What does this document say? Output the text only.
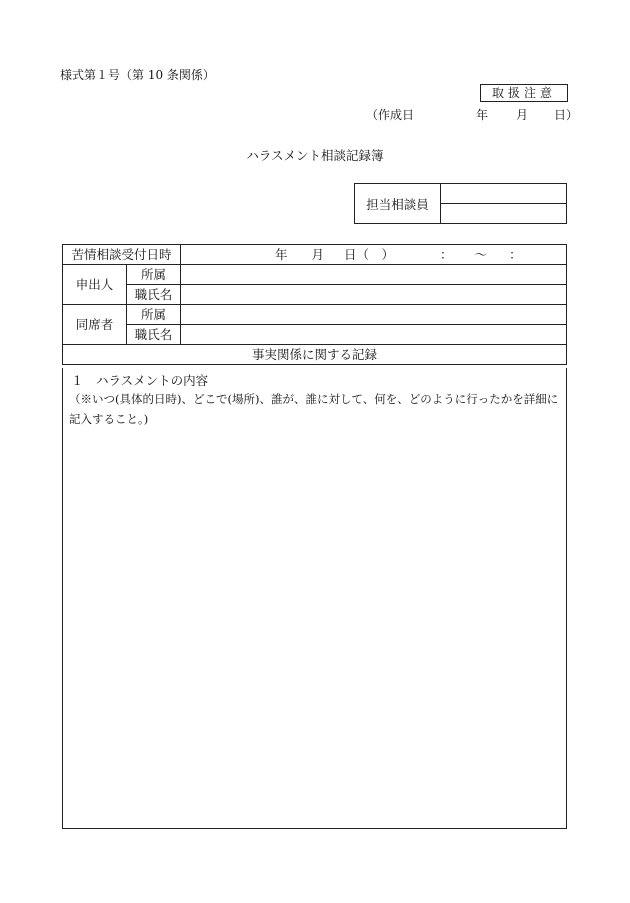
様式第１号（第 10 条関係）
取扱注意
（作成日	年 月 日）
ハラスメント相談記録簿
担当相談員	

苦情相談受付日時		年 月 日（　） ： 〜 ：
申出人	所属	
	職氏名	
同席者	所属	
	職氏名	
事実関係に関する記録		
１　ハラスメントの内容
（※いつ(具体的日時)、どこで(場所)、誰が、誰に対して、何を、どのように行ったかを詳細に記入すること。)
